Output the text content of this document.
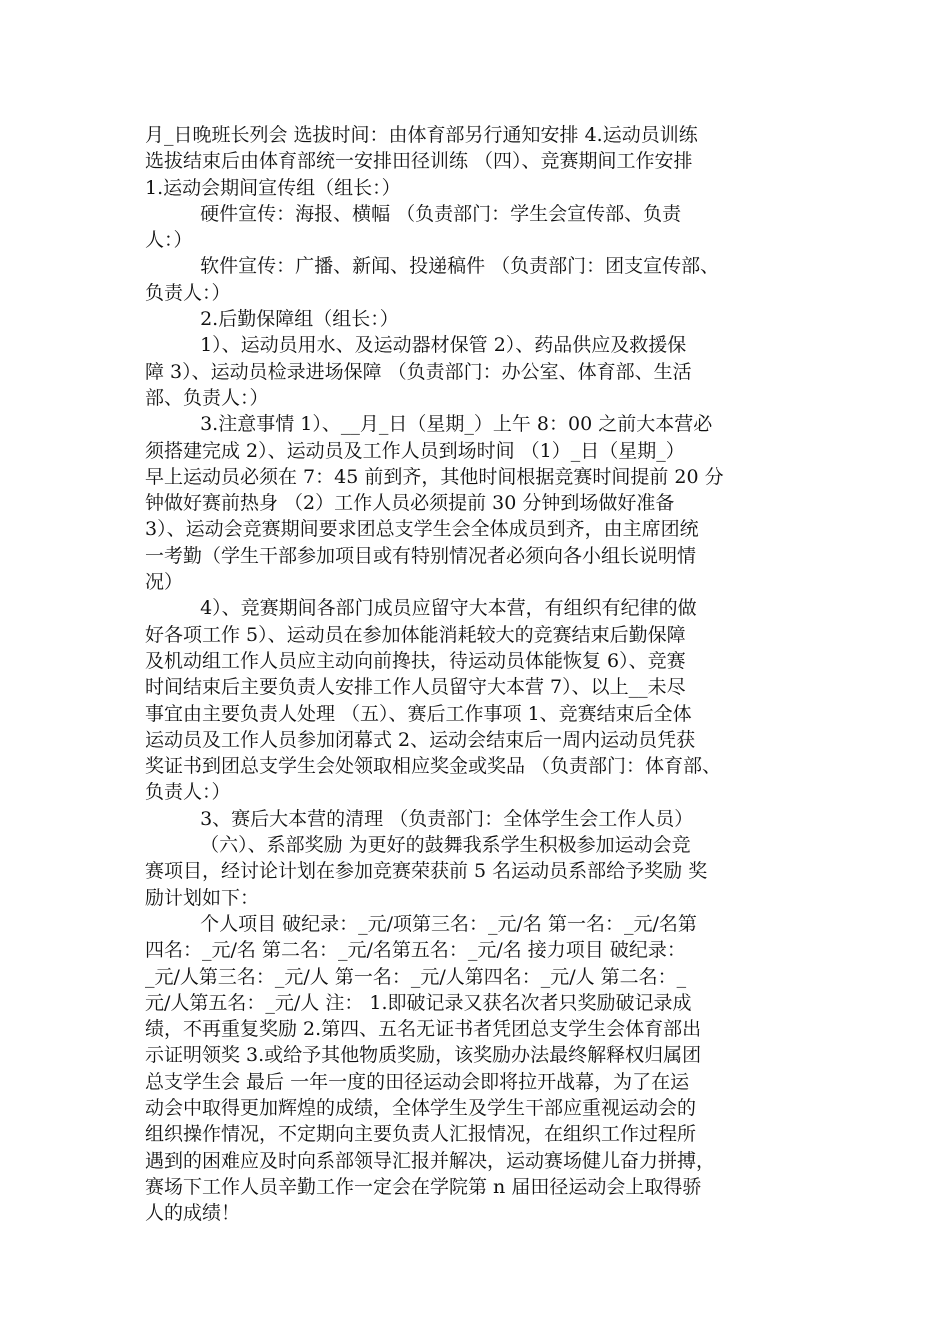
月_日晚班长列会 选拔时间：由体育部另行通知安排 4.运动员训练
选拔结束后由体育部统一安排田径训练 （四）、竞赛期间工作安排
1.运动会期间宣传组（组长：）

硬件宣传：海报、横幅 （负责部门：学生会宣传部、负责
人：）

软件宣传：广播、新闻、投递稿件 （负责部门：团支宣传部、
负责人：）

2.后勤保障组（组长：）

1）、运动员用水、及运动器材保管 2）、药品供应及救援保
障 3）、运动员检录进场保障 （负责部门：办公室、体育部、生活
部、负责人：）

3.注意事情 1）、__月_日（星期_）上午 8：00 之前大本营必
须搭建完成 2）、运动员及工作人员到场时间 （1）_日（星期_）
早上运动员必须在 7：45 前到齐，其他时间根据竞赛时间提前 20 分
钟做好赛前热身 （2）工作人员必须提前 30 分钟到场做好准备
3）、运动会竞赛期间要求团总支学生会全体成员到齐，由主席团统
一考勤（学生干部参加项目或有特别情况者必须向各小组长说明情
况）

4）、竞赛期间各部门成员应留守大本营，有组织有纪律的做
好各项工作 5）、运动员在参加体能消耗较大的竞赛结束后勤保障
及机动组工作人员应主动向前搀扶，待运动员体能恢复 6）、竞赛
时间结束后主要负责人安排工作人员留守大本营 7）、以上__未尽
事宜由主要负责人处理 （五）、赛后工作事项 1、竞赛结束后全体
运动员及工作人员参加闭幕式 2、运动会结束后一周内运动员凭获
奖证书到团总支学生会处领取相应奖金或奖品 （负责部门：体育部、
负责人：）

3、赛后大本营的清理 （负责部门：全体学生会工作人员）

（六）、系部奖励 为更好的鼓舞我系学生积极参加运动会竞
赛项目，经讨论计划在参加竞赛荣获前 5 名运动员系部给予奖励 奖
励计划如下：

个人项目 破纪录：_元/项第三名：_元/名 第一名：_元/名第
四名：_元/名 第二名：_元/名第五名：_元/名 接力项目 破纪录：
_元/人第三名：_元/人 第一名：_元/人第四名：_元/人 第二名：_
元/人第五名：_元/人 注： 1.即破记录又获名次者只奖励破记录成
绩，不再重复奖励 2.第四、五名无证书者凭团总支学生会体育部出
示证明领奖 3.或给予其他物质奖励，该奖励办法最终解释权归属团
总支学生会 最后 一年一度的田径运动会即将拉开战幕，为了在运
动会中取得更加辉煌的成绩，全体学生及学生干部应重视运动会的
组织操作情况，不定期向主要负责人汇报情况，在组织工作过程所
遇到的困难应及时向系部领导汇报并解决，运动赛场健儿奋力拼搏，
赛场下工作人员辛勤工作一定会在学院第 n 届田径运动会上取得骄
人的成绩！
